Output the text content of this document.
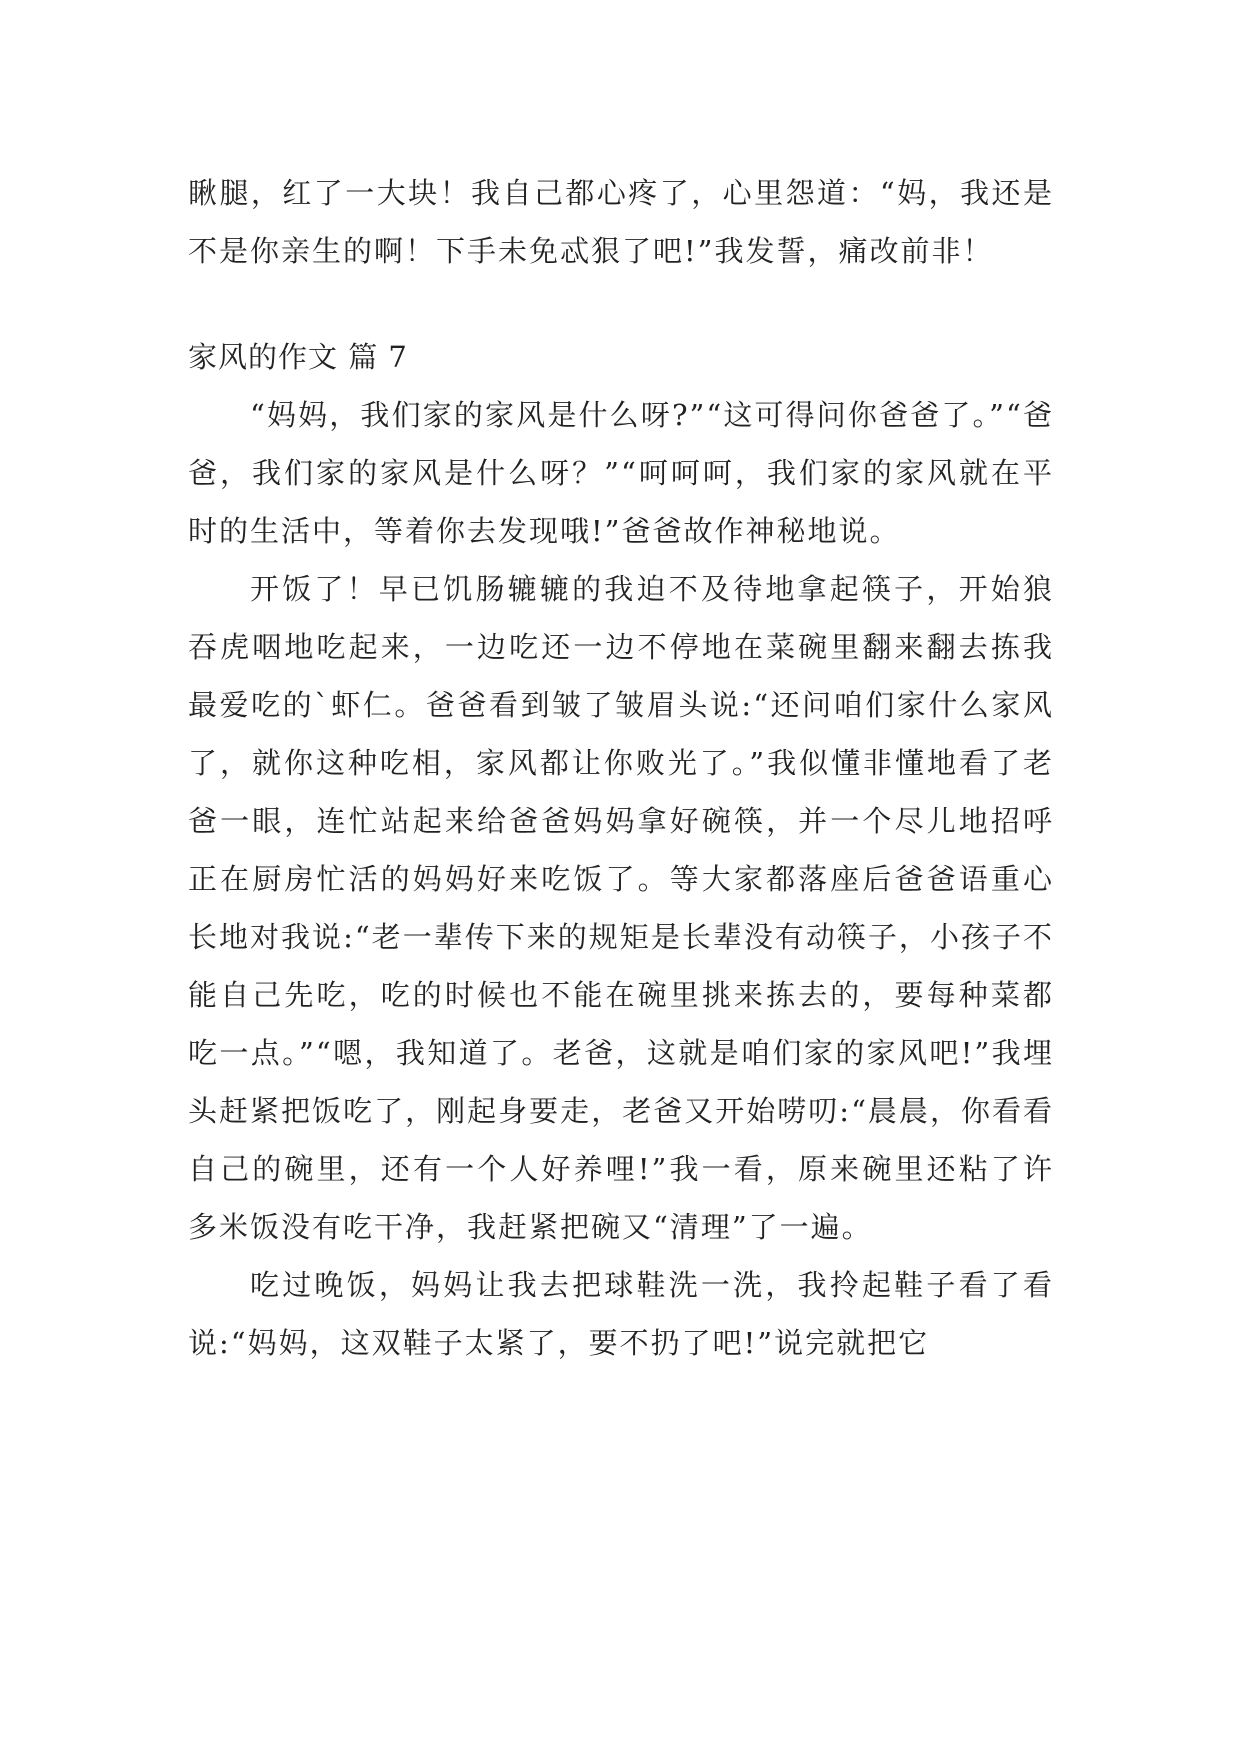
瞅腿，红了一大块！我自己都心疼了，心里怨道：“妈，我还是不是你亲生的啊！下手未免忒狠了吧!”我发誓，痛改前非！

家风的作文 篇 7

“妈妈，我们家的家风是什么呀?”“这可得问你爸爸了。”“爸爸，我们家的家风是什么呀？”“呵呵呵，我们家的家风就在平时的生活中，等着你去发现哦!”爸爸故作神秘地说。

开饭了！早已饥肠辘辘的我迫不及待地拿起筷子，开始狼吞虎咽地吃起来，一边吃还一边不停地在菜碗里翻来翻去拣我最爱吃的`虾仁。爸爸看到皱了皱眉头说:“还问咱们家什么家风了，就你这种吃相，家风都让你败光了。”我似懂非懂地看了老爸一眼，连忙站起来给爸爸妈妈拿好碗筷，并一个尽儿地招呼正在厨房忙活的妈妈好来吃饭了。等大家都落座后爸爸语重心长地对我说:“老一辈传下来的规矩是长辈没有动筷子，小孩子不能自己先吃，吃的时候也不能在碗里挑来拣去的，要每种菜都吃一点。”“嗯，我知道了。老爸，这就是咱们家的家风吧!”我埋头赶紧把饭吃了，刚起身要走，老爸又开始唠叨:“晨晨，你看看自己的碗里，还有一个人好养哩!”我一看，原来碗里还粘了许多米饭没有吃干净，我赶紧把碗又“清理”了一遍。

吃过晚饭，妈妈让我去把球鞋洗一洗，我拎起鞋子看了看说:“妈妈，这双鞋子太紧了，要不扔了吧!”说完就把它
